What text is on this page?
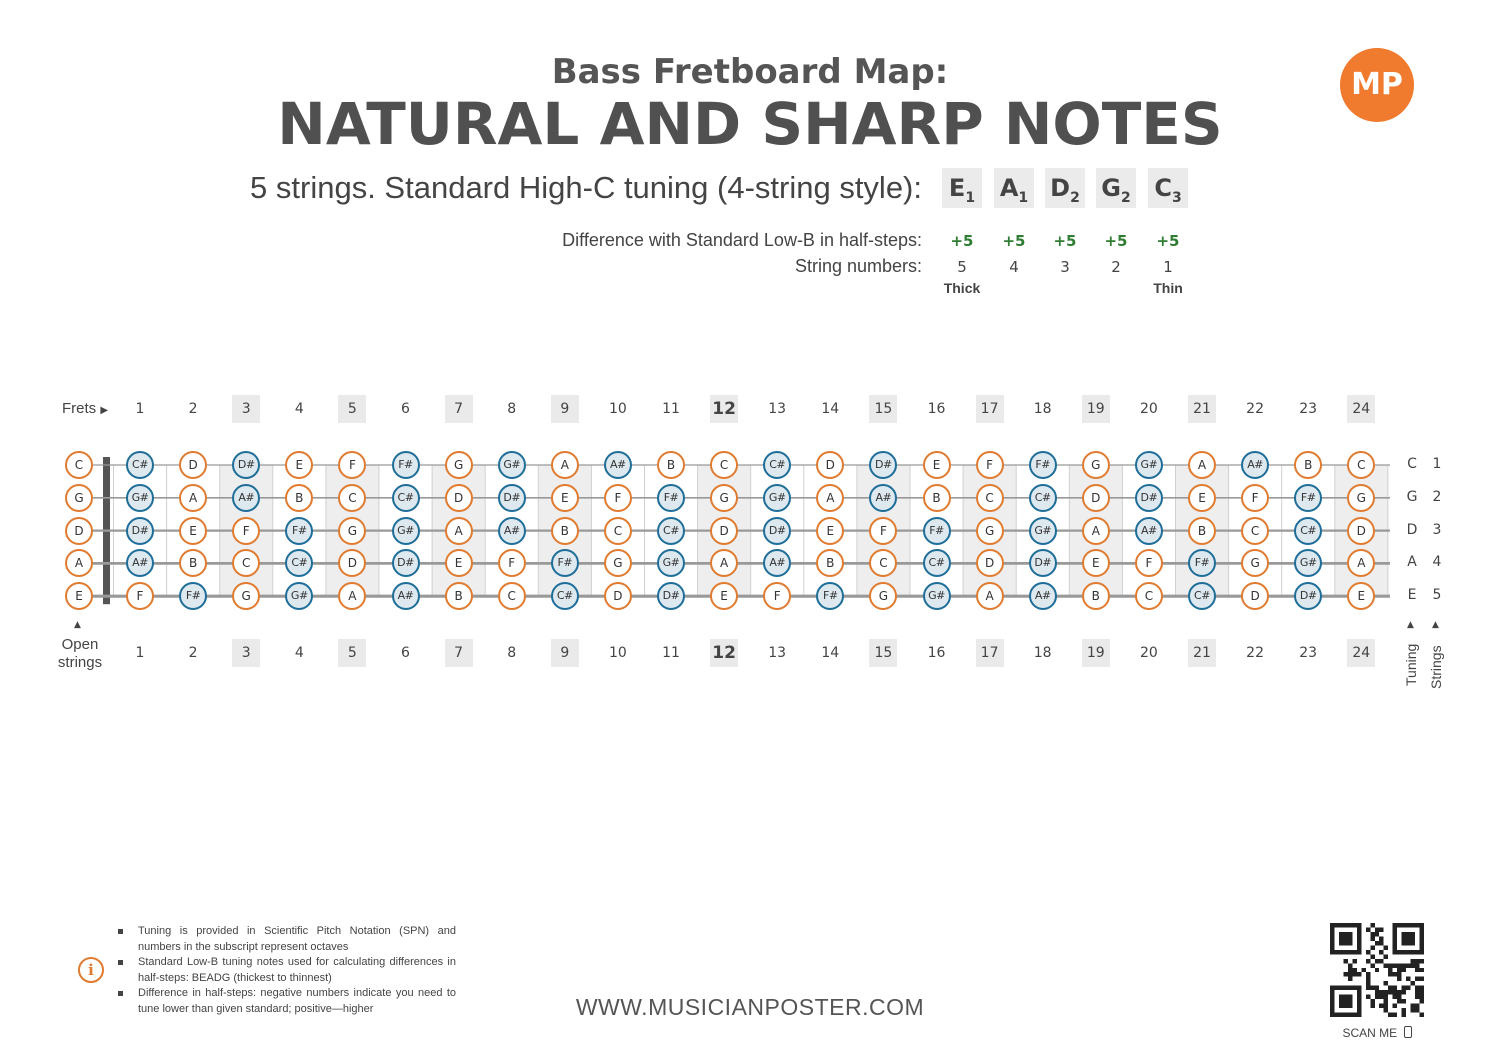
Bass Fretboard Map:
NATURAL AND SHARP NOTES
MP
5 strings. Standard High-C tuning (4-string style): $E_1$ $A_1$ $D_2$ $G_2$ $C_3$
Difference with Standard Low-B in half-steps:
String numbers:
+5	+5	+5	+5	+5
5	4	3	2	1
Thick	Thin
Frets ▶	1	2	3	4	5	6	7	8	9	10	11 12	13	14	15	16	17	18	19	20	21	22	23	24
1	2	3	4	5	6	7	8	9	10	11 12	13	14	15	16	17	18	19	20	21	22	23	24
C
G
D
A
E
C#	D	D#	E	F	F#	G	G#	A	A#	B	C	C#	D	D#	E	F	F#	G	G#	A	A#	B	C
G#	A	A#	B	C	C#	D	D#	E	F	F#	G	G#	A	A#	B	C	C#	D	D#	E	F	F#	G
D#	E	F	F#	G	G#	A	A#	B	C	C#	D	D#	E	F	F#	G	G#	A	A#	B	C	C#	D
A#	B	C	C#	D	D#	E	F	F#	G	G#	A	A#	B	C	C#	D	D#	E	F	F#	G	G#	A
F	F#	G	G#	A	A#	B	C	C#	D	D#	E	F	F#	G	G#	A	A#	B	C	C#	D	D#	E
C	1
G	2
D	3
A	4
E	5
▲
Open
strings
▲ ▲
Tuning Strings
i
Tuning is provided in Scientific Pitch Notation (SPN) and numbers in the subscript represent octaves
Standard Low-B tuning notes used for calculating differences in half-steps: BEADG (thickest to thinnest)
Difference in half-steps: negative numbers indicate you need to tune lower than given standard; positive—higher	WWW.MUSICIANPOSTER.COM
SCAN ME
